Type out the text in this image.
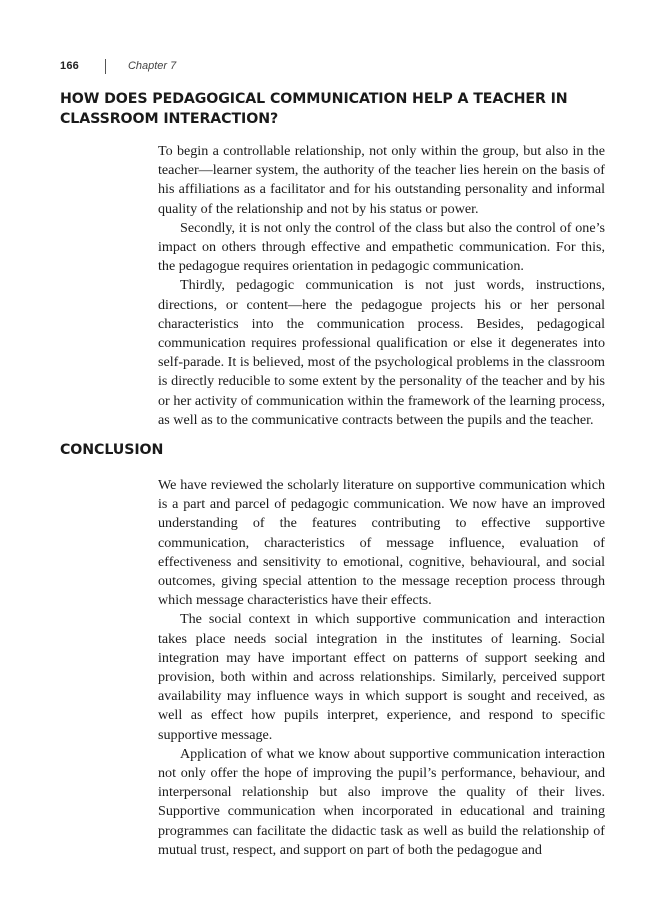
166	Chapter 7
HOW DOES PEDAGOGICAL COMMUNICATION HELP A TEACHER IN CLASSROOM INTERACTION?

To begin a controllable relationship, not only within the group, but also in the teacher—learner system, the authority of the teacher lies herein on the basis of his affiliations as a facilitator and for his outstanding personality and informal quality of the relationship and not by his status or power.

Secondly, it is not only the control of the class but also the control of one’s impact on others through effective and empathetic communication. For this, the pedagogue requires orientation in pedagogic communication.

Thirdly, pedagogic communication is not just words, instructions, directions, or content—here the pedagogue projects his or her personal characteristics into the communication process. Besides, pedagogical communication requires professional qualification or else it degenerates into self-parade. It is believed, most of the psychological problems in the classroom is directly reducible to some extent by the personality of the teacher and by his or her activity of communication within the framework of the learning process, as well as to the communicative contracts between the pupils and the teacher.

CONCLUSION

We have reviewed the scholarly literature on supportive communication which is a part and parcel of pedagogic communication. We now have an improved understanding of the features contributing to effective supportive communication, characteristics of message influence, evaluation of effectiveness and sensitivity to emotional, cognitive, behavioural, and social outcomes, giving special attention to the message reception process through which message characteristics have their effects.

The social context in which supportive communication and interaction takes place needs social integration in the institutes of learning. Social integration may have important effect on patterns of support seeking and provision, both within and across relationships. Similarly, perceived support availability may influence ways in which support is sought and received, as well as effect how pupils interpret, experience, and respond to specific supportive message.

Application of what we know about supportive communication interaction not only offer the hope of improving the pupil’s performance, behaviour, and interpersonal relationship but also improve the quality of their lives. Supportive communication when incorporated in educational and training programmes can facilitate the didactic task as well as build the relationship of mutual trust, respect, and support on part of both the pedagogue and
